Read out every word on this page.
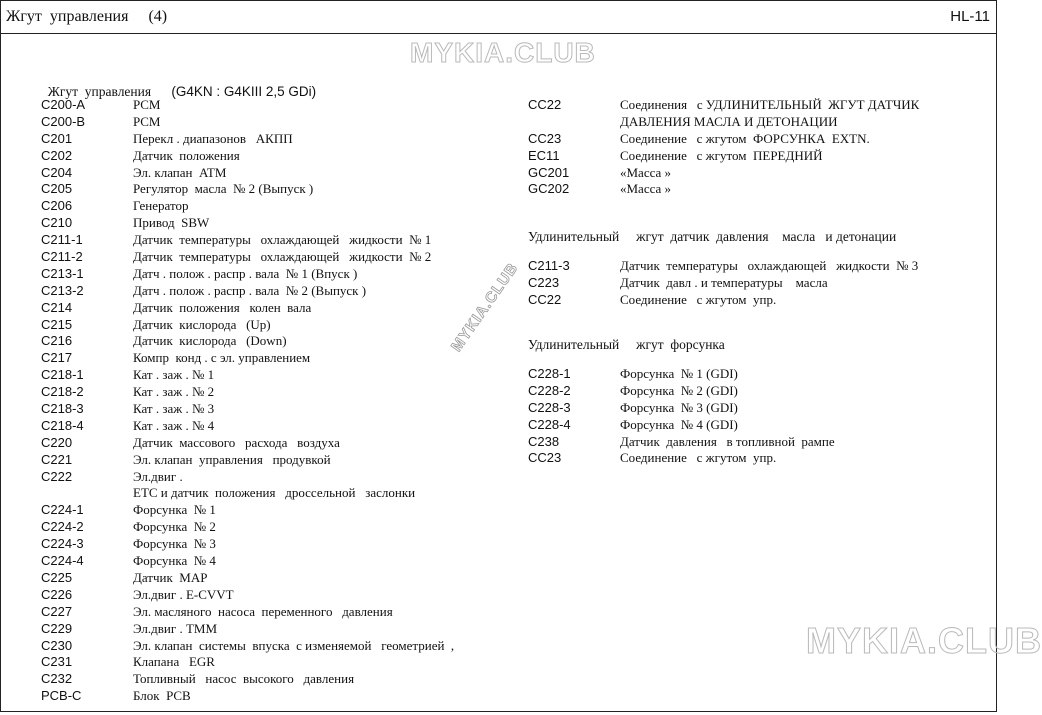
Жгут  управления     (4)	HL-11
MYKIA.CLUB
MYKIA.CLUB
MYKIA.CLUB

Жгут  управления (G4KN : G4KIII 2,5 GDi)

C200-A	PCM
C200-B	PCM
C201	Перекл . диапазонов   АКПП
C202	Датчик  положения
C204	Эл. клапан  ATM
C205	Регулятор  масла  № 2 (Выпуск )
C206	Генератор
C210	Привод  SBW
C211-1	Датчик  температуры   охлаждающей   жидкости  № 1
C211-2	Датчик  температуры   охлаждающей   жидкости  № 2
C213-1	Датч . полож . распр . вала  № 1 (Впуск )
C213-2	Датч . полож . распр . вала  № 2 (Выпуск )
C214	Датчик  положения   колен  вала
C215	Датчик  кислорода   (Up)
C216	Датчик  кислорода   (Down)
C217	Компр  конд . с эл. управлением
C218-1	Кат . заж . № 1
C218-2	Кат . заж . № 2
C218-3	Кат . заж . № 3
C218-4	Кат . заж . № 4
C220	Датчик  массового   расхода   воздуха
C221	Эл. клапан  управления   продувкой
C222	Эл.двиг .
ETC и датчик  положения   дроссельной   заслонки
C224-1	Форсунка  № 1
C224-2	Форсунка  № 2
C224-3	Форсунка  № 3
C224-4	Форсунка  № 4
C225	Датчик  MAP
C226	Эл.двиг . E-CVVT
C227	Эл. масляного  насоса  переменного   давления
C229	Эл.двиг . TMM
C230	Эл. клапан  системы  впуска  с изменяемой   геометрией  ,
C231	Клапана   EGR
C232	Топливный   насос  высокого   давления
PCB-C	Блок  PCB
CC22	Соединения   с УДЛИНИТЕЛЬНЫЙ  ЖГУТ ДАТЧИК
ДАВЛЕНИЯ МАСЛА И ДЕТОНАЦИИ
CC23	Соединение   с жгутом  ФОРСУНКА  EXTN.
EC11	Соединение   с жгутом  ПЕРЕДНИЙ
GC201	«Масса »
GC202	«Масса »
Удлинительный     жгут  датчик  давления    масла   и детонации
C211-3	Датчик  температуры   охлаждающей   жидкости  № 3
C223	Датчик  давл . и температуры    масла
CC22	Соединение   с жгутом  упр.
Удлинительный     жгут  форсунка
C228-1	Форсунка  № 1 (GDI)
C228-2	Форсунка  № 2 (GDI)
C228-3	Форсунка  № 3 (GDI)
C228-4	Форсунка  № 4 (GDI)
C238	Датчик  давления   в топливной  рампе
CC23	Соединение   с жгутом  упр.
